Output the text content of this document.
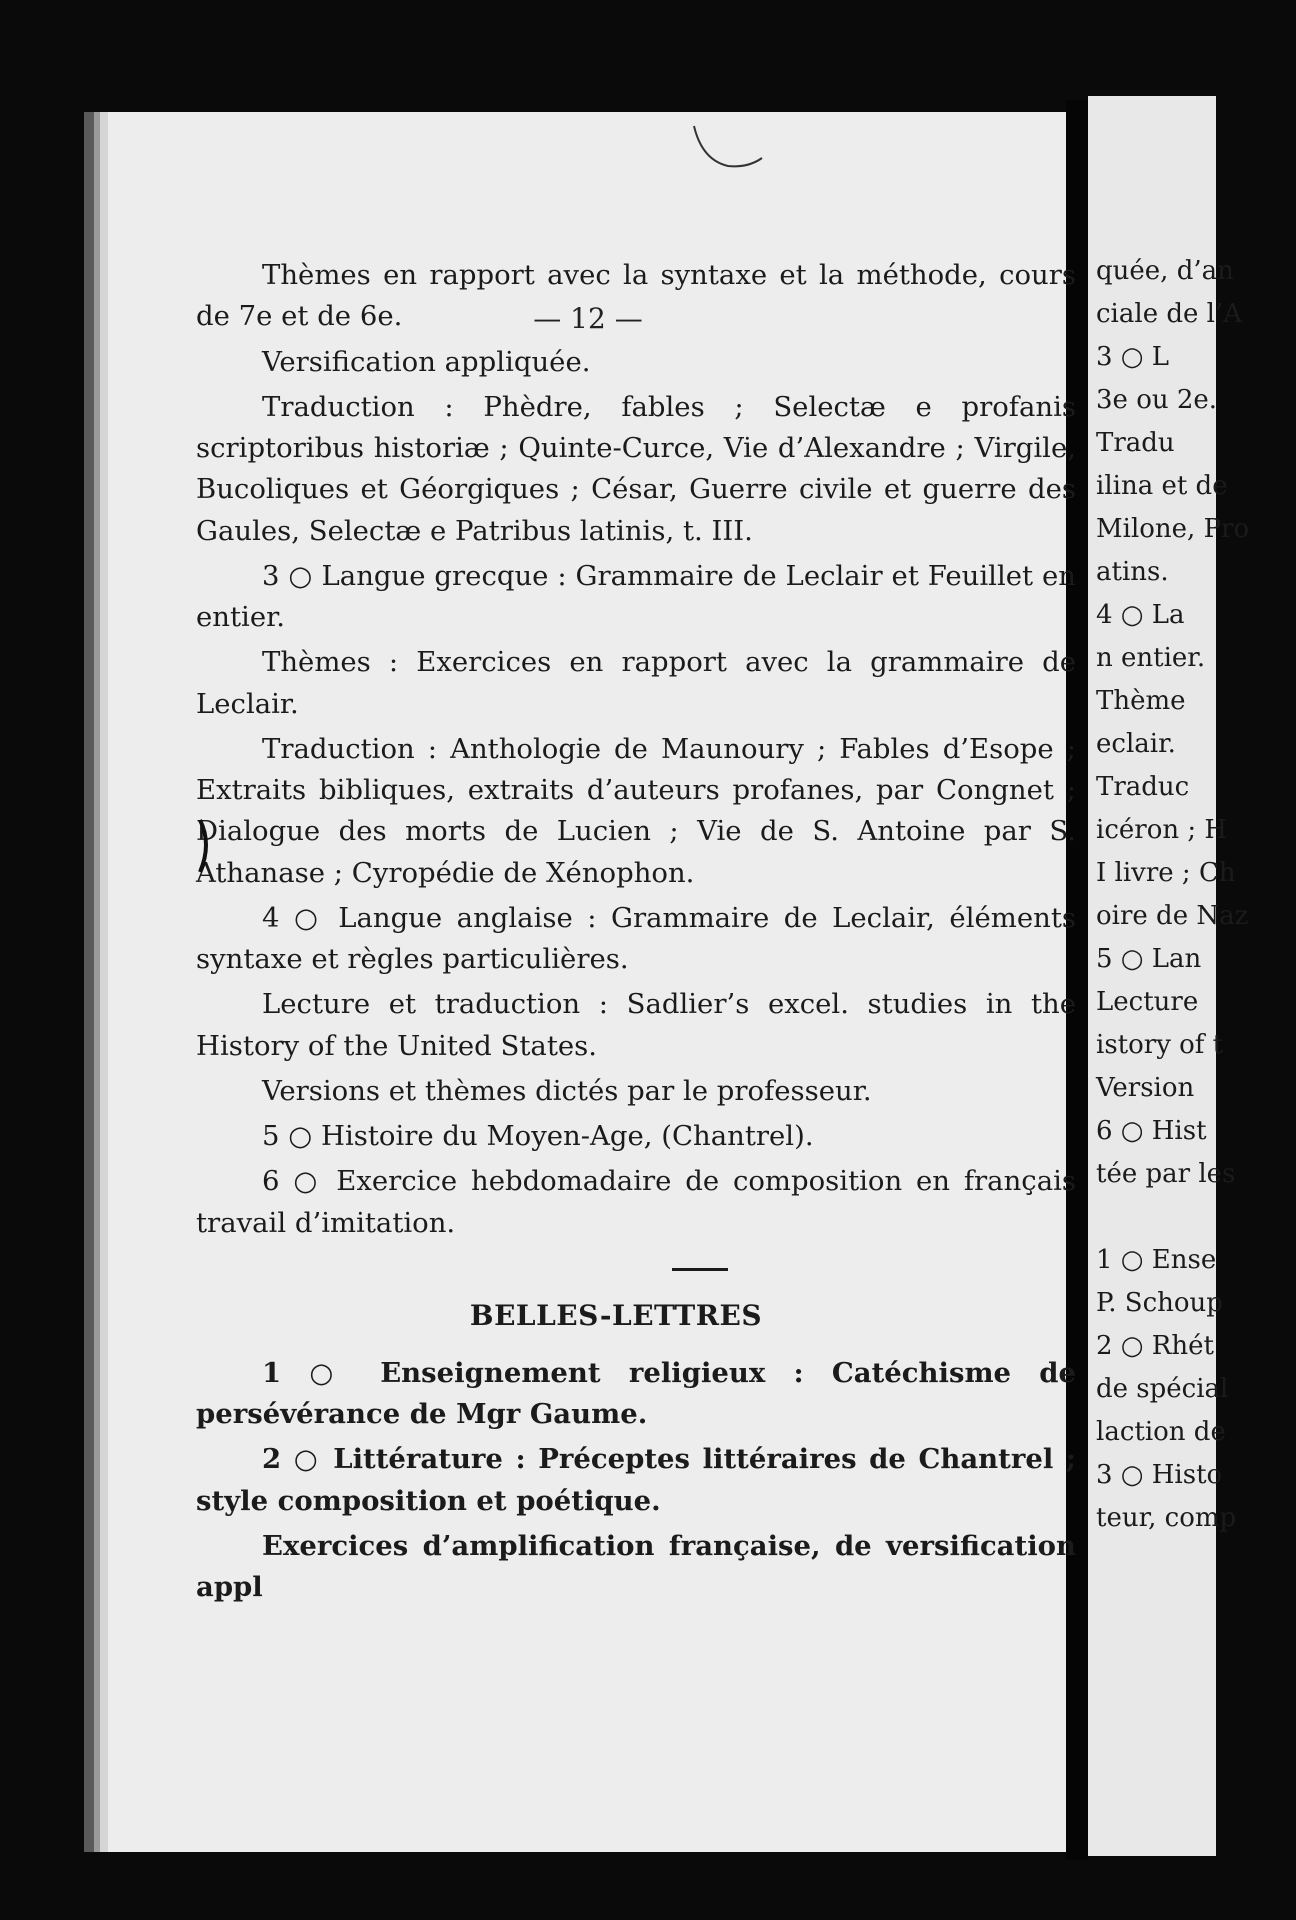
— 12 —

Thèmes en rapport avec la syntaxe et la méthode, cours de 7e et de 6e.

Versification appliquée.

Traduction : Phèdre, fables ; Selectæ e profanis scriptoribus historiæ ; Quinte-Curce, Vie d’Alexandre ; Virgile, Bucoliques et Géorgiques ; César, Guerre civile et guerre des Gaules, Selectæ e Patribus latinis, t. III.

3 ○ Langue grecque : Grammaire de Leclair et Feuillet en entier.

Thèmes : Exercices en rapport avec la grammaire de Leclair.

Traduction : Anthologie de Maunoury ; Fables d’Esope ; Extraits bibliques, extraits d’auteurs profanes, par Congnet ; Dialogue des morts de Lucien ; Vie de S. Antoine par S. Athanase ; Cyropédie de Xénophon.

4 ○ Langue anglaise : Grammaire de Leclair, éléments syntaxe et règles particulières.

Lecture et traduction : Sadlier’s excel. studies in the History of the United States.

Versions et thèmes dictés par le professeur.

5 ○ Histoire du Moyen-Age, (Chantrel).

6 ○ Exercice hebdomadaire de composition en français travail d’imitation.

BELLES-LETTRES

1 ○ Enseignement religieux : Catéchisme de persévérance de Mgr Gaume.

2 ○ Littérature : Préceptes littéraires de Chantrel ; style composition et poétique.

Exercices d’amplification française, de versification appl

quée, d’an
ciale de l’A
3 ○ L
3e ou 2e.
Tradu
ilina et de
Milone, Pro
atins.
4 ○ La
n entier.
Thème
eclair.
Traduc
icéron ; H
I livre ; Ch
oire de Naz
5 ○ Lan
Lecture
istory of t
Version
6 ○ Hist
tée par les

1 ○ Ense
P. Schoup
2 ○ Rhét
de spécial
laction de
3 ○ Histo
teur, comp
